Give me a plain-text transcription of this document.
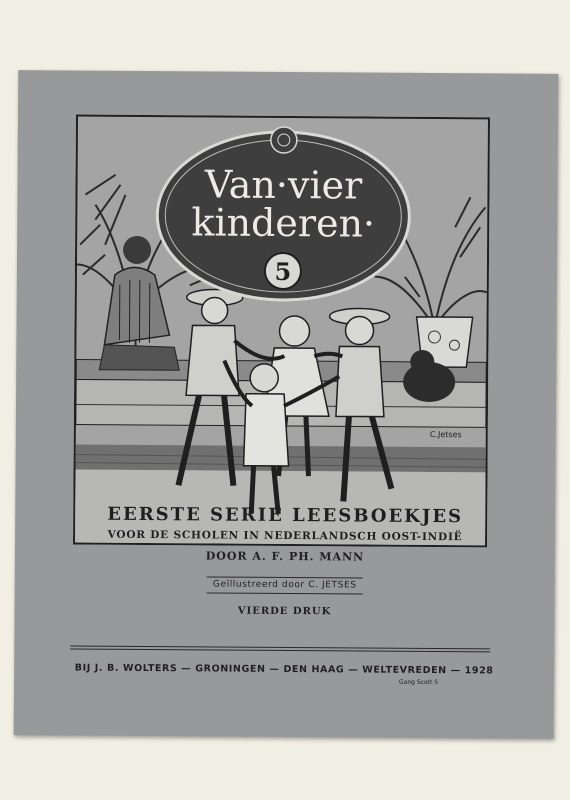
Van·vier
kinderen·
5
C.Jetses
EERSTE SERIE LEESBOEKJES
VOOR DE SCHOLEN IN NEDERLANDSCH OOST-INDIË
DOOR A. F. PH. MANN
Geïllustreerd door C. JETSES
VIERDE DRUK
BIJ J. B. WOLTERS — GRONINGEN — DEN HAAG — WELTEVREDEN — 1928
Gang Scott 5
